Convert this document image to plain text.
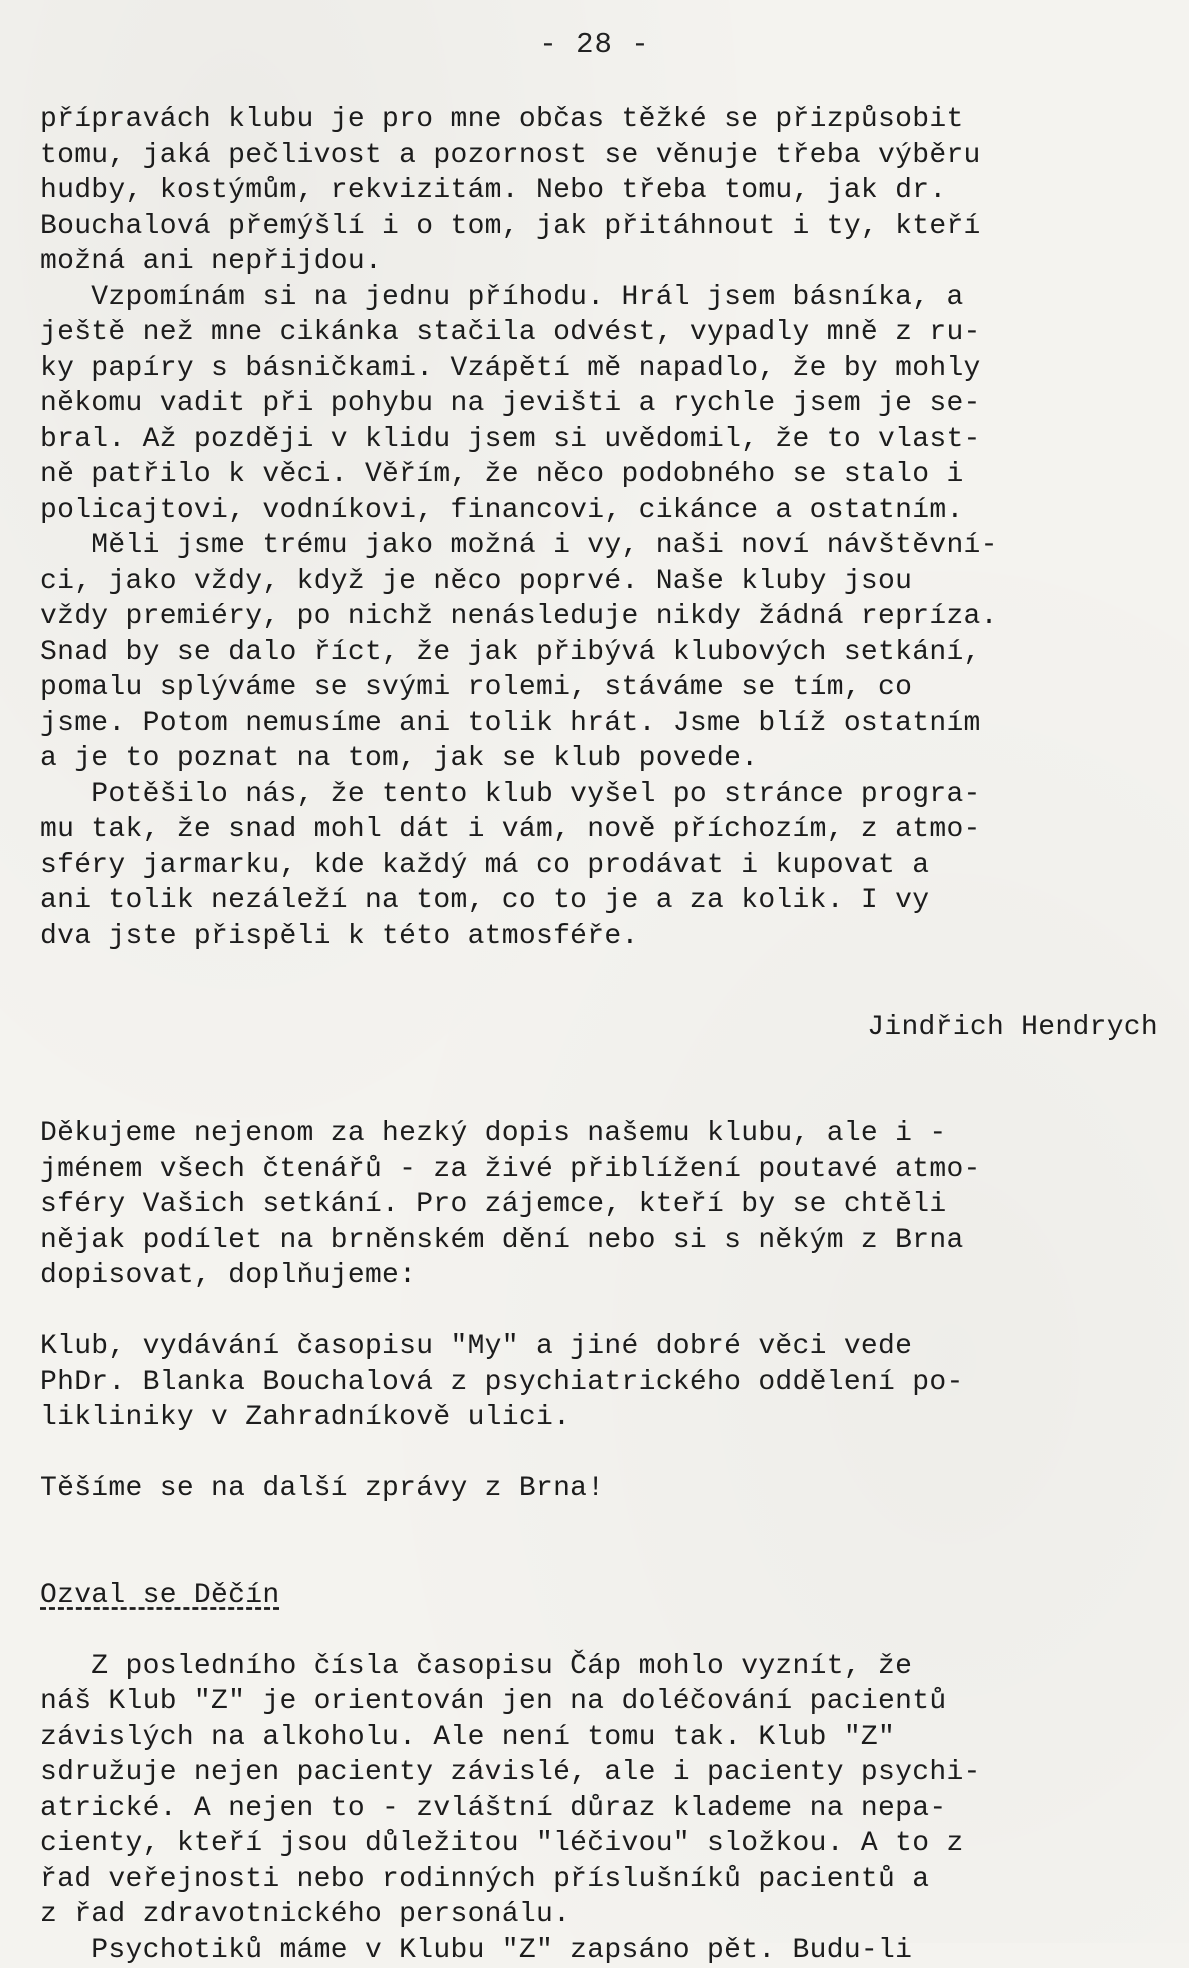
- 28 -
přípravách klubu je pro mne občas těžké se přizpůsobit
tomu, jaká pečlivost a pozornost se věnuje třeba výběru
hudby, kostýmům, rekvizitám. Nebo třeba tomu, jak dr.
Bouchalová přemýšlí i o tom, jak přitáhnout i ty, kteří
možná ani nepřijdou.
Vzpomínám si na jednu příhodu. Hrál jsem básníka, a
ještě než mne cikánka stačila odvést, vypadly mně z ru-
ky papíry s básničkami. Vzápětí mě napadlo, že by mohly
někomu vadit při pohybu na jevišti a rychle jsem je se-
bral. Až později v klidu jsem si uvědomil, že to vlast-
ně patřilo k věci. Věřím, že něco podobného se stalo i
policajtovi, vodníkovi, financovi, cikánce a ostatním.
Měli jsme trému jako možná i vy, naši noví návštěvní-
ci, jako vždy, když je něco poprvé. Naše kluby jsou
vždy premiéry, po nichž nenásleduje nikdy žádná repríza.
Snad by se dalo říct, že jak přibývá klubových setkání,
pomalu splýváme se svými rolemi, stáváme se tím, co
jsme. Potom nemusíme ani tolik hrát. Jsme blíž ostatním
a je to poznat na tom, jak se klub povede.
Potěšilo nás, že tento klub vyšel po stránce progra-
mu tak, že snad mohl dát i vám, nově příchozím, z atmo-
sféry jarmarku, kde každý má co prodávat i kupovat a
ani tolik nezáleží na tom, co to je a za kolik. I vy
dva jste přispěli k této atmosféře.
Jindřich Hendrych
Děkujeme nejenom za hezký dopis našemu klubu, ale i -
jménem všech čtenářů - za živé přiblížení poutavé atmo-
sféry Vašich setkání. Pro zájemce, kteří by se chtěli
nějak podílet na brněnském dění nebo si s někým z Brna
dopisovat, doplňujeme:
Klub, vydávání časopisu "My" a jiné dobré věci vede
PhDr. Blanka Bouchalová z psychiatrického oddělení po-
likliniky v Zahradníkově ulici.
Těšíme se na další zprávy z Brna!
Ozval se Děčín
Z posledního čísla časopisu Čáp mohlo vyznít, že
náš Klub "Z" je orientován jen na doléčování pacientů
závislých na alkoholu. Ale není tomu tak. Klub "Z"
sdružuje nejen pacienty závislé, ale i pacienty psychi-
atrické. A nejen to - zvláštní důraz klademe na nepa-
cienty, kteří jsou důležitou "léčivou" složkou. A to z
řad veřejnosti nebo rodinných příslušníků pacientů a
z řad zdravotnického personálu.
Psychotiků máme v Klubu "Z" zapsáno pět. Budu-li
